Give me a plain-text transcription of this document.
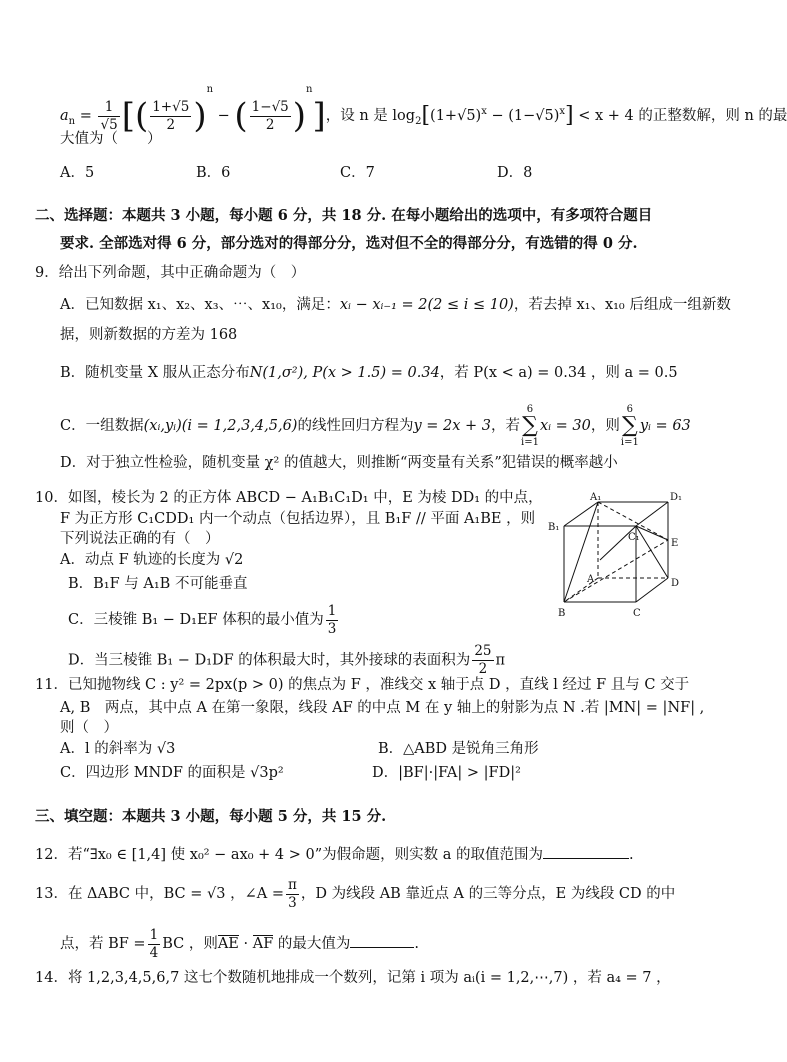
$a_n = \frac{1}{√5}$ [( $\frac{1+√5}{2} )^n$ − ( $\frac{1-√5}{2} )^n$]，设 n 是 $\log_2[(1+√5)^x - (1-√5)^x] < x + 4$ 的正整数解，则 n 的最
大值为（　　）
A．5	B．6	C．7	D．8
二、选择题：本题共 3 小题，每小题 6 分，共 18 分. 在每小题给出的选项中，有多项符合题目
要求. 全部选对得 6 分，部分选对的得部分分，选对但不全的得部分分，有选错的得 0 分.
9．给出下列命题，其中正确命题为（　）
A．已知数据 x₁、x₂、x₃、⋯、x₁₀，满足：xᵢ − xᵢ₋₁ = 2(2 ≤ i ≤ 10)，若去掉 x₁、x₁₀ 后组成一组新数
据，则新数据的方差为 168
B．随机变量 X 服从正态分布N(1,σ²), P(x > 1.5) = 0.34，若 P(x < a) = 0.34 ，则 a = 0.5
C．一组数据(xᵢ,yᵢ)(i = 1,2,3,4,5,6)的线性回归方程为y = 2x + 3，若
6
∑
i=1
xᵢ = 30，则
6
∑
i=1
yᵢ = 63
D．对于独立性检验，随机变量 χ² 的值越大，则推断“两变量有关系”犯错误的概率越小
10．如图，棱长为 2 的正方体 ABCD − A₁B₁C₁D₁ 中，E 为棱 DD₁ 的中点，
F 为正方形 C₁CDD₁ 内一个动点（包括边界），且 B₁F // 平面 A₁BE ，则
下列说法正确的有（　）
A．动点 F 轨迹的长度为 √2
B．B₁F 与 A₁B 不可能垂直
C．三棱锥 B₁ − D₁EF 体积的最小值为 $\frac{1}{3}$
D．当三棱锥 B₁ − D₁DF 的体积最大时，其外接球的表面积为 $\frac{25}{2}$ π
A₁	D₁
B₁
C₁
E
A	D
B	C
11．已知抛物线 C : y² = 2px(p > 0) 的焦点为 F ，准线交 x 轴于点 D ，直线 l 经过 F 且与 C 交于
A, B　两点，其中点 A 在第一象限，线段 AF 的中点 M 在 y 轴上的射影为点 N .若 |MN| = |NF| ,
则（　）
A．l 的斜率为 √3	B．△ABD 是锐角三角形
C．四边形 MNDF 的面积是 √3p²	D．|BF|·|FA| > |FD|²
三、填空题：本题共 3 小题，每小题 5 分，共 15 分.
12．若“∃x₀ ∈ [1,4] 使 x₀² − ax₀ + 4 > 0”为假命题，则实数 a 的取值范围为	.
13．在 ΔABC 中，BC = √3 ，∠A = $\frac{\pi}{3}$ ，D 为线段 AB 靠近点 A 的三等分点，E 为线段 CD 的中
点，若 BF = $\frac{1}{4}$ BC ，则AE · AF 的最大值为	.
14．将 1,2,3,4,5,6,7 这七个数随机地排成一个数列，记第 i 项为 aᵢ(i = 1,2,⋯,7) ，若 a₄ = 7 ，
